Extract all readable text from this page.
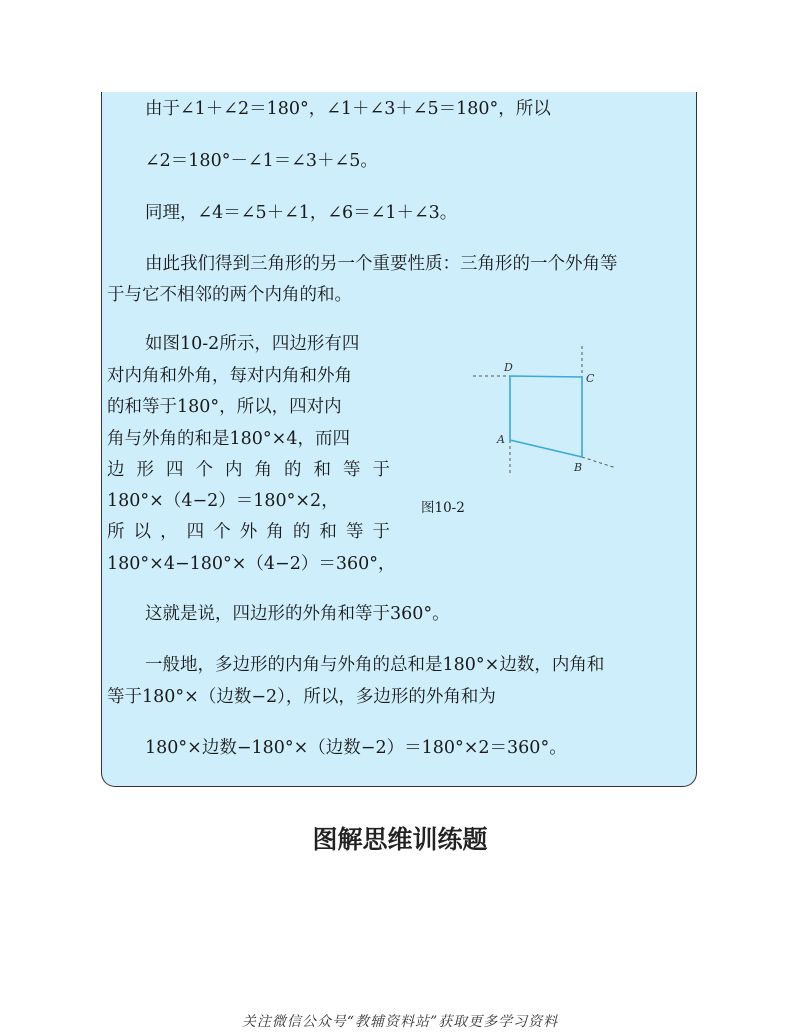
由于∠1＋∠2＝180°，∠1＋∠3＋∠5＝180°，所以
∠2＝180°－∠1＝∠3＋∠5。
同理，∠4＝∠5＋∠1，∠6＝∠1＋∠3。
由此我们得到三角形的另一个重要性质：三角形的一个外角等
于与它不相邻的两个内角的和。
如图10-2所示，四边形有四
对内角和外角，每对内角和外角
的和等于180°，所以，四对内
角与外角的和是180°×4，而四
边形四个内角的和等于
180°×（4−2）＝180°×2，
所以，四个外角的和等于
180°×4−180°×（4−2）＝360°，
这就是说，四边形的外角和等于360°。
一般地，多边形的内角与外角的总和是180°×边数，内角和
等于180°×（边数−2），所以，多边形的外角和为
180°×边数−180°×（边数−2）＝180°×2＝360°。
D
C
A
B
图10-2
图解思维训练题
关注微信公众号“教辅资料站”获取更多学习资料
